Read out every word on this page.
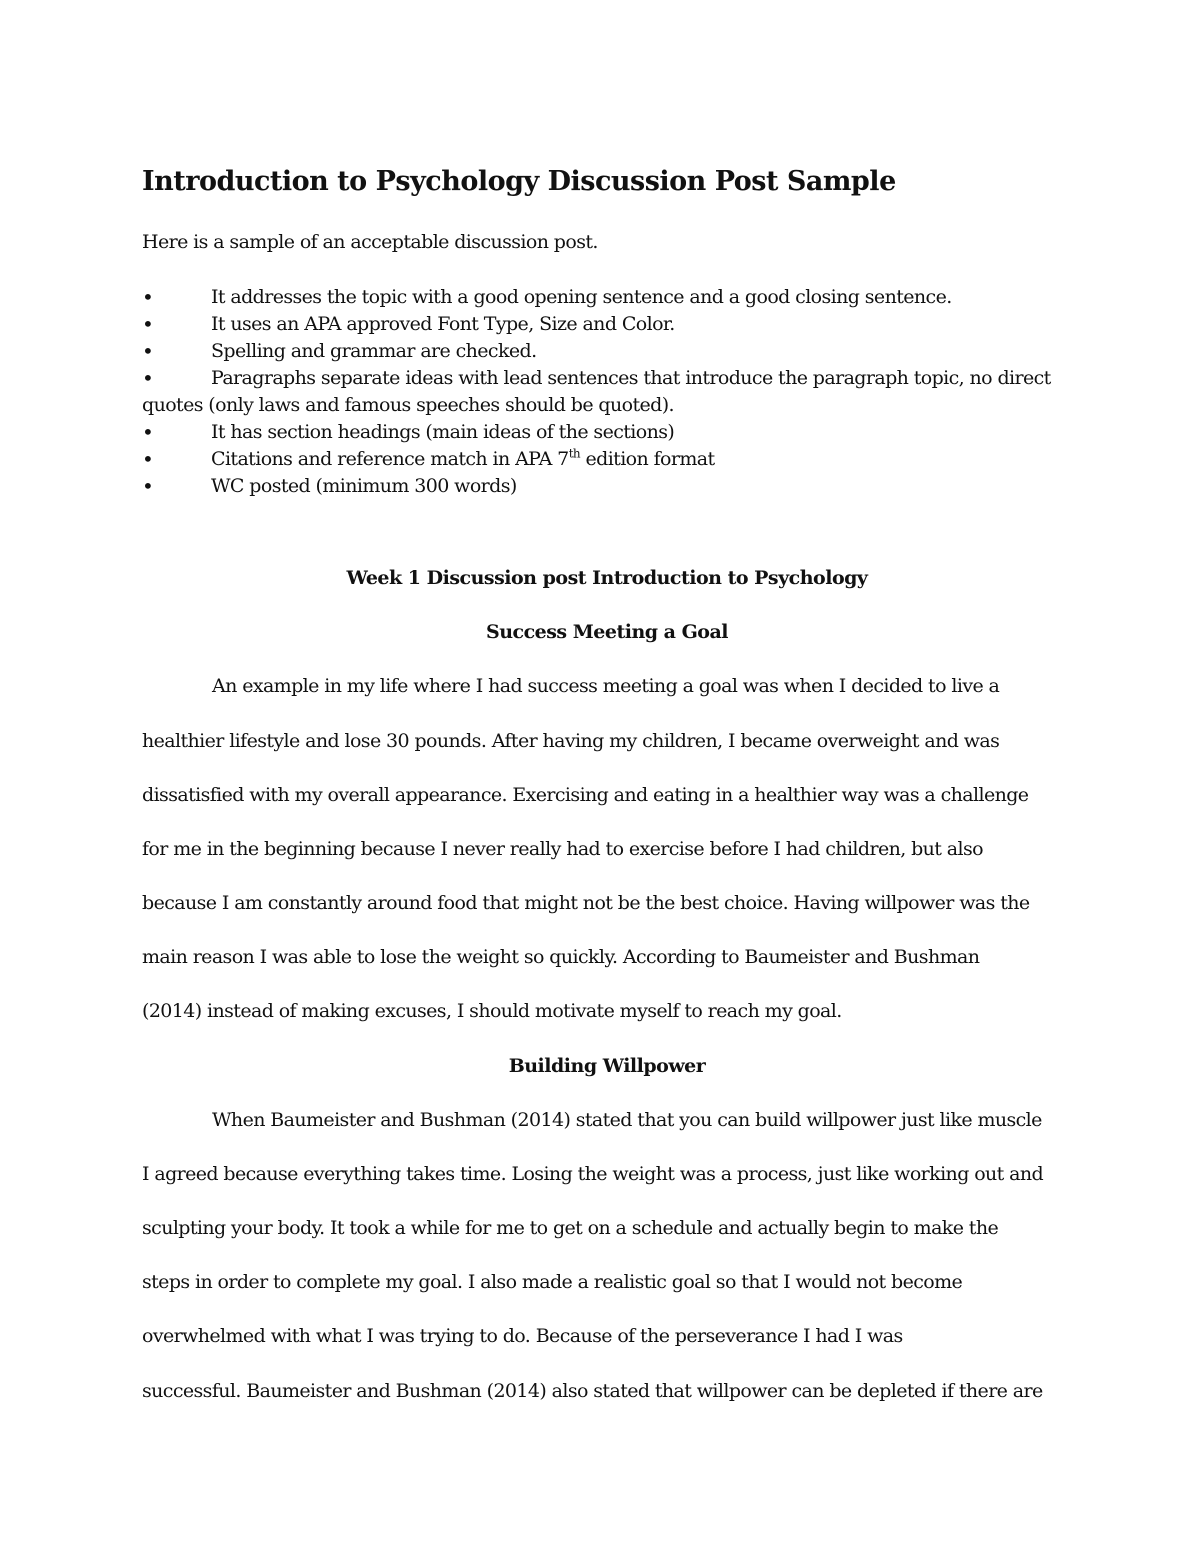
Introduction to Psychology Discussion Post Sample

Here is a sample of an acceptable discussion post.

•	It addresses the topic with a good opening sentence and a good closing sentence.
•	It uses an APA approved Font Type, Size and Color.
•	Spelling and grammar are checked.
•	Paragraphs separate ideas with lead sentences that introduce the paragraph topic, no direct quotes (only laws and famous speeches should be quoted).
•	It has section headings (main ideas of the sections)
•	Citations and reference match in APA 7th edition format
•	WC posted (minimum 300 words)
Week 1 Discussion post Introduction to Psychology
Success Meeting a Goal

An example in my life where I had success meeting a goal was when I decided to live a

healthier lifestyle and lose 30 pounds. After having my children, I became overweight and was

dissatisfied with my overall appearance. Exercising and eating in a healthier way was a challenge

for me in the beginning because I never really had to exercise before I had children, but also

because I am constantly around food that might not be the best choice. Having willpower was the

main reason I was able to lose the weight so quickly. According to Baumeister and Bushman

(2014) instead of making excuses, I should motivate myself to reach my goal.

Building Willpower

When Baumeister and Bushman (2014) stated that you can build willpower just like muscle

I agreed because everything takes time. Losing the weight was a process, just like working out and

sculpting your body. It took a while for me to get on a schedule and actually begin to make the

steps in order to complete my goal. I also made a realistic goal so that I would not become

overwhelmed with what I was trying to do. Because of the perseverance I had I was

successful. Baumeister and Bushman (2014) also stated that willpower can be depleted if there are
